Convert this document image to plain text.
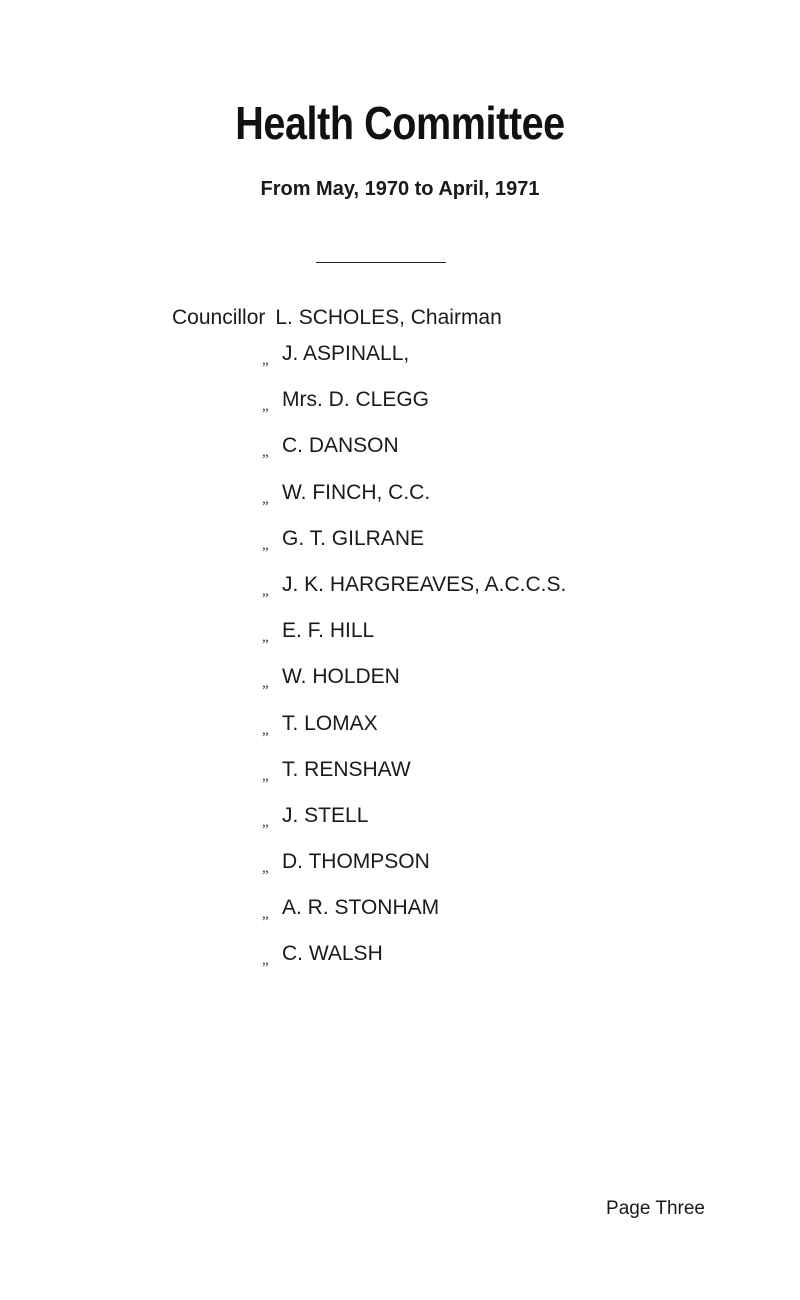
Health Committee
From May, 1970 to April, 1971
Councillor L. SCHOLES, Chairman
„ J. ASPINALL,
„ Mrs. D. CLEGG
„ C. DANSON
„ W. FINCH, C.C.
„ G. T. GILRANE
„ J. K. HARGREAVES, A.C.C.S.
„ E. F. HILL
„ W. HOLDEN
„ T. LOMAX
„ T. RENSHAW
„ J. STELL
„ D. THOMPSON
„ A. R. STONHAM
„ C. WALSH
Page Three
